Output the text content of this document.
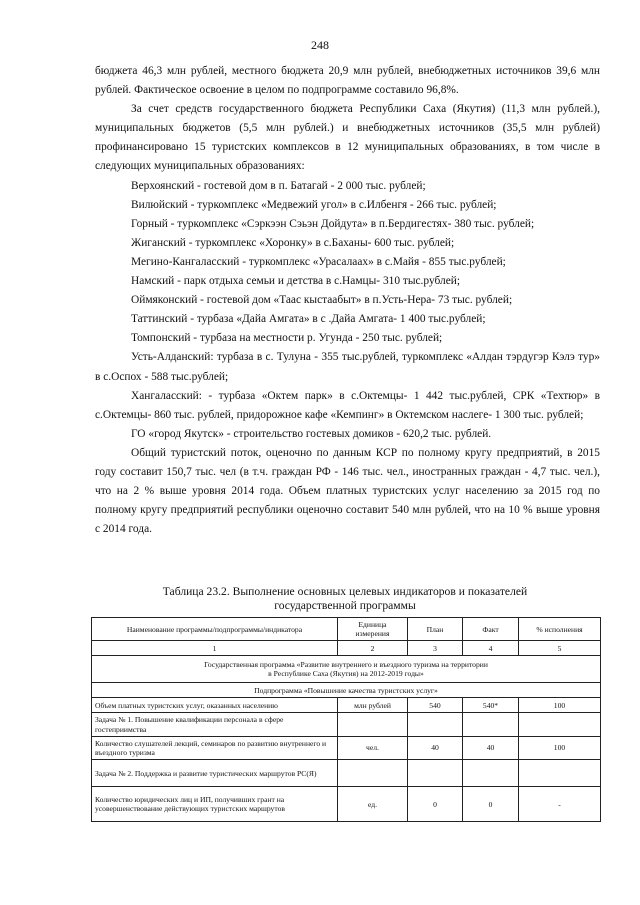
248

бюджета 46,3 млн рублей, местного бюджета 20,9 млн рублей, внебюджетных источников 39,6 млн рублей. Фактическое освоение в целом по подпрограмме составило 96,8%.

За счет средств государственного бюджета Республики Саха (Якутия) (11,3 млн рублей.), муниципальных бюджетов (5,5 млн рублей.) и внебюджетных источников (35,5 млн рублей) профинансировано 15 туристских комплексов в 12 муниципальных образованиях, в том числе в следующих муниципальных образованиях:

Верхоянский - гостевой дом в п. Батагай - 2 000 тыс. рублей;

Вилюйский - туркомплекс «Медвежий угол» в с.Илбенгя - 266 тыс. рублей;

Горный - туркомплекс «Сэркээн Сэьэн Дойдута» в п.Бердигестях- 380 тыс. рублей;

Жиганский - туркомплекс «Хоронку» в с.Баханы- 600 тыс. рублей;

Мегино-Кангаласский - туркомплекс «Урасалаах» в с.Майя - 855 тыс.рублей;

Намский - парк отдыха семьи и детства в с.Намцы- 310 тыс.рублей;

Оймяконский - гостевой дом «Таас кыстаабыт» в п.Усть-Нера- 73 тыс. рублей;

Таттинский - турбаза «Дайа Амгата» в с .Дайа Амгата- 1 400 тыс.рублей;

Томпонский - турбаза на местности р. Угунда - 250 тыс. рублей;

Усть-Алданский: турбаза в с. Тулуна - 355 тыс.рублей, туркомплекс «Алдан тэрдугэр Кэлэ тур» в с.Оспох - 588 тыс.рублей;

Хангаласский: - турбаза «Октем парк» в с.Октемцы- 1 442 тыс.рублей, СРК «Техтюр» в с.Октемцы- 860 тыс. рублей, придорожное кафе «Кемпинг» в Октемском наслеге- 1 300 тыс. рублей;

ГО «город Якутск» - строительство гостевых домиков - 620,2 тыс. рублей.

Общий туристский поток, оценочно по данным КСР по полному кругу предприятий, в 2015 году составит 150,7 тыс. чел (в т.ч. граждан РФ - 146 тыс. чел., иностранных граждан - 4,7 тыс. чел.), что на 2 % выше уровня 2014 года. Объем платных туристских услуг населению за 2015 год по полному кругу предприятий республики оценочно составит 540 млн рублей, что на 10 % выше уровня с 2014 года.

Таблица 23.2. Выполнение основных целевых индикаторов и показателей
государственной программы
Наименование программы/подпрограммы/индикатора	Единица измерения	План	Факт	% исполнения
1	2	3	4	5

Государственная программа «Развитие внутреннего и въездного туризма на территории
в Республике Саха (Якутия) на 2012-2019 годы»				

Подпрограмма «Повышение качества туристских услуг»				
Объем платных туристских услуг, оказанных населению	млн рублей	540	540*	100
Задача № 1. Повышение квалификации персонала в сфере гостеприимства				
Количество слушателей лекций, семинаров по развитию внутреннего и въездного туризма	чел.	40	40	100
Задача № 2. Поддержка и развитие туристических маршрутов РС(Я)				
Количество юридических лиц и ИП, получивших грант на усовершенствование действующих туристских маршрутов	ед.	0	0	-
